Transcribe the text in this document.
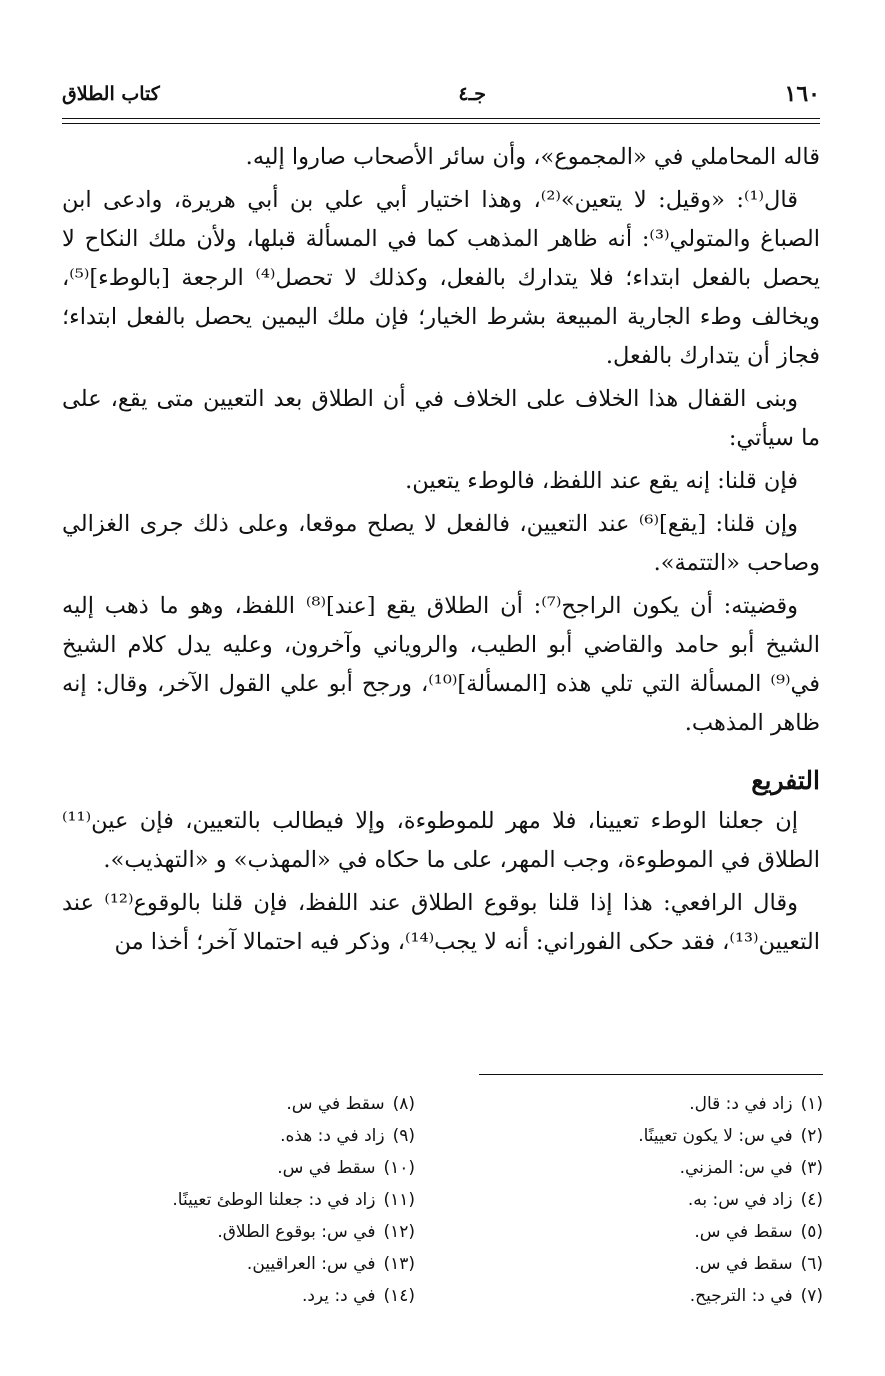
١٦٠
جـ٤
كتاب الطلاق

قاله المحاملي في «المجموع»، وأن سائر الأصحاب صاروا إليه.

قال⁽¹⁾: «وقيل: لا يتعين»⁽²⁾، وهذا اختيار أبي علي بن أبي هريرة، وادعى ابن الصباغ والمتولي⁽³⁾: أنه ظاهر المذهب كما في المسألة قبلها، ولأن ملك النكاح لا يحصل بالفعل ابتداء؛ فلا يتدارك بالفعل، وكذلك لا تحصل⁽⁴⁾ الرجعة [بالوطء]⁽⁵⁾، ويخالف وطء الجارية المبيعة بشرط الخيار؛ فإن ملك اليمين يحصل بالفعل ابتداء؛ فجاز أن يتدارك بالفعل.

وبنى القفال هذا الخلاف على الخلاف في أن الطلاق بعد التعيين متى يقع، على ما سيأتي:

فإن قلنا: إنه يقع عند اللفظ، فالوطء يتعين.

وإن قلنا: [يقع]⁽⁶⁾ عند التعيين، فالفعل لا يصلح موقعا، وعلى ذلك جرى الغزالي وصاحب «التتمة».

وقضيته: أن يكون الراجح⁽⁷⁾: أن الطلاق يقع [عند]⁽⁸⁾ اللفظ، وهو ما ذهب إليه الشيخ أبو حامد والقاضي أبو الطيب، والروياني وآخرون، وعليه يدل كلام الشيخ في⁽⁹⁾ المسألة التي تلي هذه [المسألة]⁽¹⁰⁾، ورجح أبو علي القول الآخر، وقال: إنه ظاهر المذهب.

التفريع

إن جعلنا الوطء تعيينا، فلا مهر للموطوءة، وإلا فيطالب بالتعيين، فإن عين⁽¹¹⁾ الطلاق في الموطوءة، وجب المهر، على ما حكاه في «المهذب» و «التهذيب».

وقال الرافعي: هذا إذا قلنا بوقوع الطلاق عند اللفظ، فإن قلنا بالوقوع⁽¹²⁾ عند التعيين⁽¹³⁾، فقد حكى الفوراني: أنه لا يجب⁽¹⁴⁾، وذكر فيه احتمالا آخر؛ أخذا من

(١)زاد في د: قال.
(٢)في س: لا يكون تعيينًا.
(٣)في س: المزني.
(٤)زاد في س: به.
(٥)سقط في س.
(٦)سقط في س.
(٧)في د: الترجيح.
(٨)سقط في س.
(٩)زاد في د: هذه.
(١٠)سقط في س.
(١١)زاد في د: جعلنا الوطئ تعيينًا.
(١٢)في س: بوقوع الطلاق.
(١٣)في س: العراقيين.
(١٤)في د: يرد.
